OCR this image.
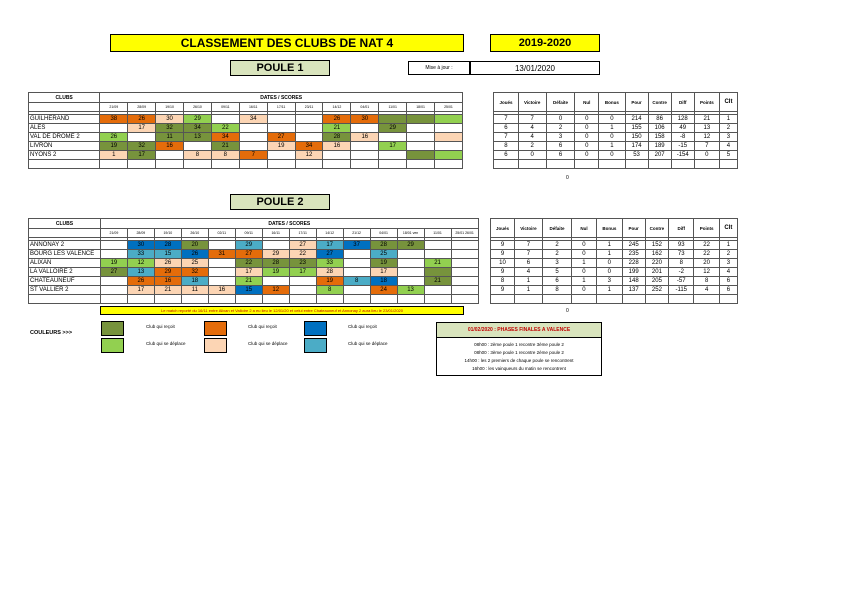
CLASSEMENT DES CLUBS DE NAT 4	2019-2020
POULE 1	Mise à jour :	13/01/2020
CLUBS	DATES / SCORES														Joués	Victoire	Défaite	Nul	Bonus	Pour	Contre	Diff	Points	Clt
	21/09	28/09	19/10	26/10	09/11	16/11	17/11	23/11	14/12	04/01	11/01	18/01	25/01											

GUILHERAND	38	26	30	29		34			26	30					7	7	0	0	0	214	86	128	21	1
ALES		17	32	34	22				21		29				6	4	2	0	1	155	106	49	13	2
VAL DE DROME 2	26		11	13	34		27		28	16					7	4	3	0	0	150	158	-8	12	3
LIVRON	19	32	16		21		19	34	16		17				8	2	6	0	1	174	189	-15	7	4
NYONS 2	1	17		8	8	7		12							6	0	6	0	0	53	207	-154	0	5

0
POULE 2
CLUBS	DATES / SCORES															Joués	Victoire	Défaite	Nul	Bonus	Pour	Contre	Diff	Points	Clt
	21/09	28/09	19/10	26/10	02/11	09/11	16/11	17/11	14/12	21/12	04/01	18/01 ven	11/01	25/01 26/01											

ANNONAY 2		30	28	20		29		27	17	37	28	29				9	7	2	0	1	245	152	93	22	1
BOURG LES VALENCE		33	15	26	31	27	29	22	27		25					9	7	2	0	1	235	162	73	22	2
ALIXAN	19	12	26	25		22	28	23	33		19		21			10	6	3	1	0	228	220	8	20	3
LA VALLOIRE 2	27	13	29	32		17	19	17	28		17					9	4	5	0	0	199	201	-2	12	4
CHATEAUNEUF		26	16	18		21			19	8	18		21			8	1	6	1	3	148	205	-57	8	6
ST VALLIER 2		17	21	11	16	15	12		8		24	13				9	1	8	0	1	137	252	-115	4	6

Le match reporté du 16/11 entre Alixan et Valloire 2 a eu lieu le 12/01/20 et celui entre Chateauneuf et Annonay 2 aura lieu le 23/01/2020	0
COULEURS >>>
Club qui reçoit	Club qui reçoit	Club qui reçoit
Club qui se déplace	Club qui se déplace	Club qui se déplace
01/02/2020 : PHASES FINALES A VALENCE
08h00 : 2ème poule 1 recontre 3ème poule 2
08h00 : 3ème poule 1 recontre 2ème poule 2
14h00 : les 2 premiers de chaque poule se rencontrent
16h00 : les vainqueurs du matin se rencontrent
